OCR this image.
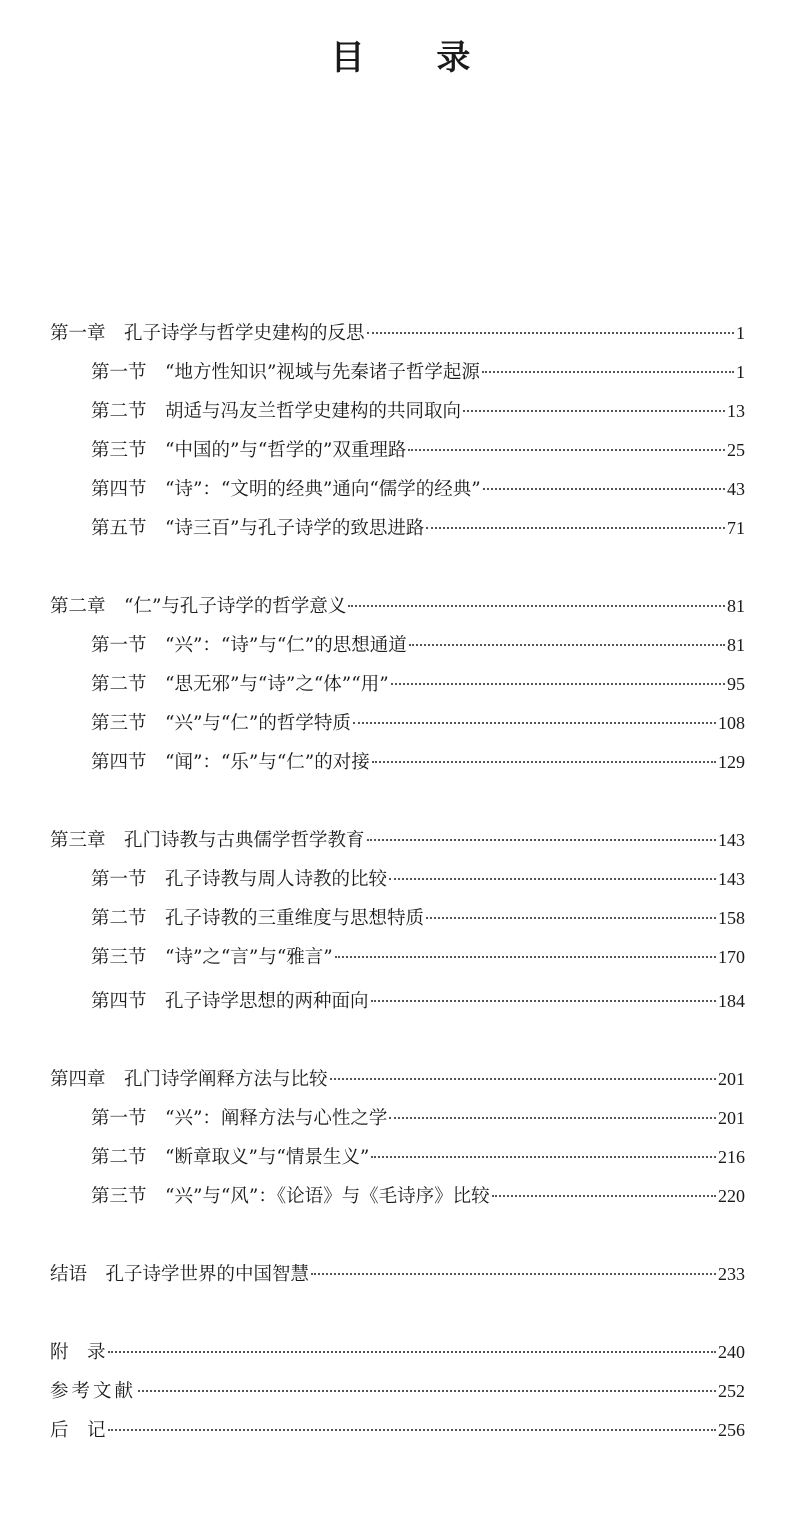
目 录
第一章　孔子诗学与哲学史建构的反思	1
第一节　“地方性知识”视域与先秦诸子哲学起源	1
第二节　胡适与冯友兰哲学史建构的共同取向	13
第三节　“中国的”与“哲学的”双重理路	25
第四节　“诗”：“文明的经典”通向“儒学的经典”	43
第五节　“诗三百”与孔子诗学的致思进路	71
第二章　“仁”与孔子诗学的哲学意义	81
第一节　“兴”：“诗”与“仁”的思想通道	81
第二节　“思无邪”与“诗”之“体”“用”	95
第三节　“兴”与“仁”的哲学特质	108
第四节　“闻”：“乐”与“仁”的对接	129
第三章　孔门诗教与古典儒学哲学教育	143
第一节　孔子诗教与周人诗教的比较	143
第二节　孔子诗教的三重维度与思想特质	158
第三节　“诗”之“言”与“雅言”	170
第四节　孔子诗学思想的两种面向	184
第四章　孔门诗学阐释方法与比较	201
第一节　“兴”：阐释方法与心性之学	201
第二节　“断章取义”与“情景生义”	216
第三节　“兴”与“风”：《论语》与《毛诗序》比较	220
结语　孔子诗学世界的中国智慧	233
附　录	240
参考文献	252
后　记	256
